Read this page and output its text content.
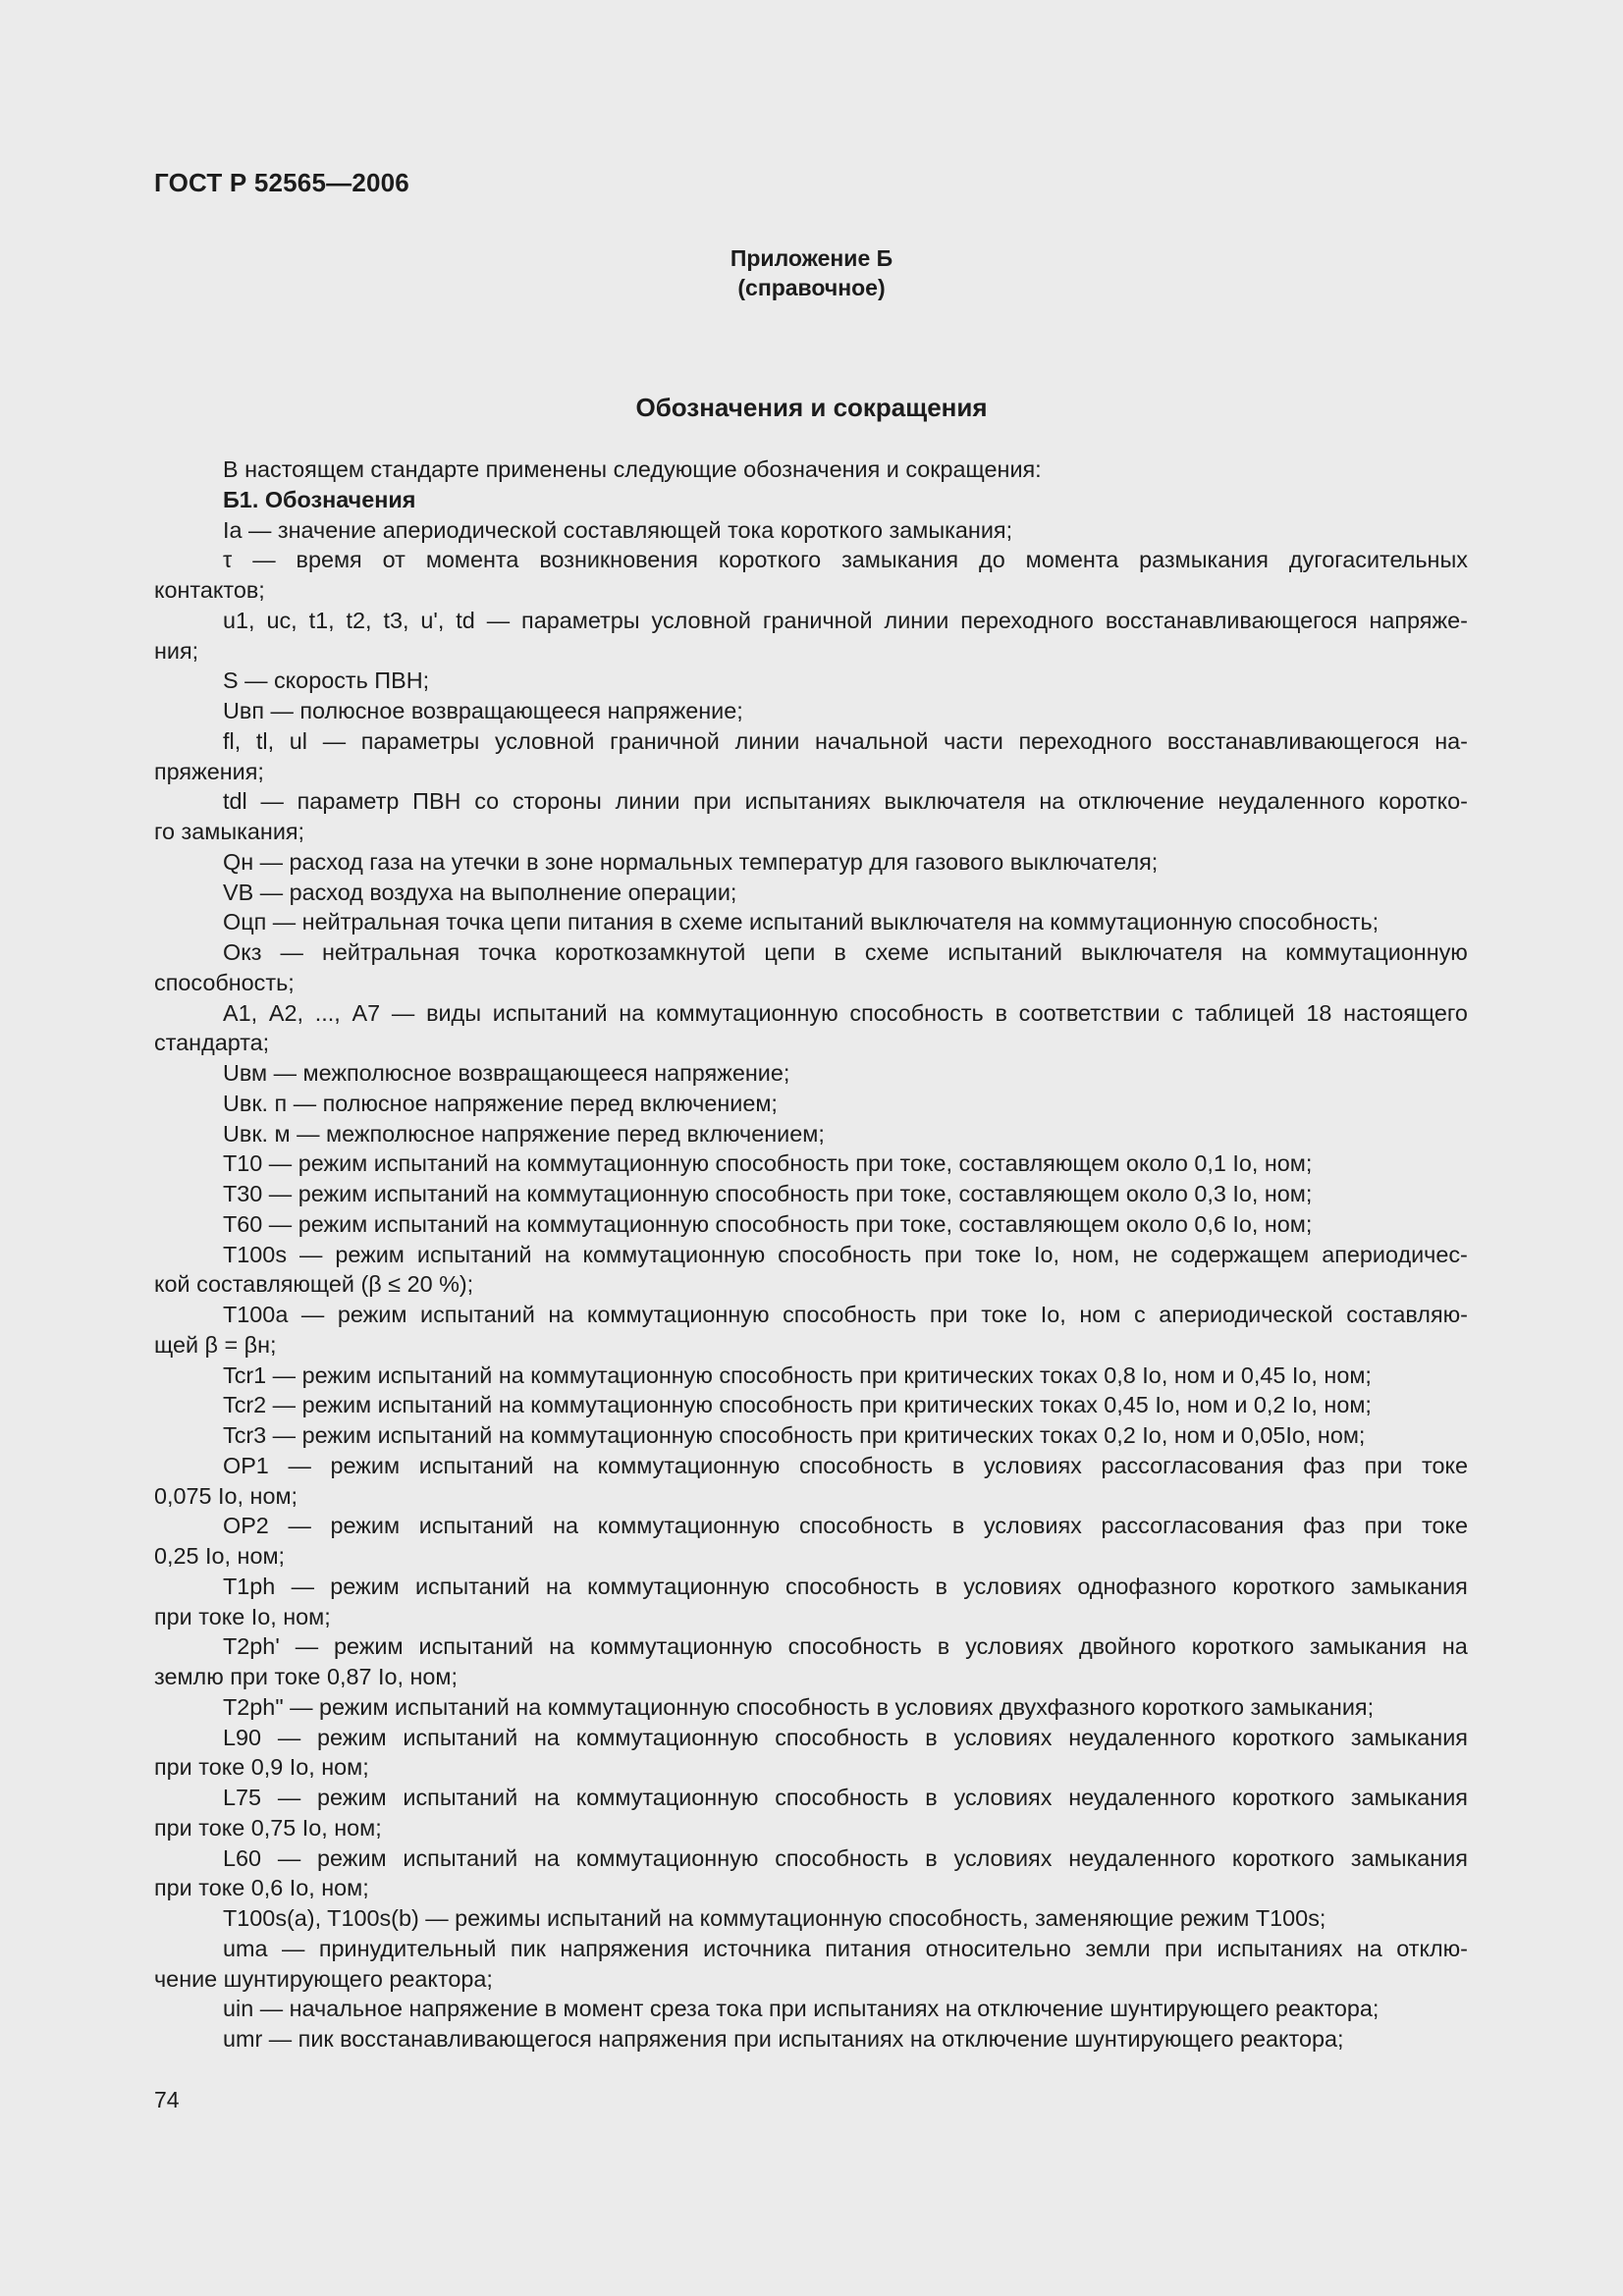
ГОСТ Р 52565—2006
Приложение Б
(справочное)
Обозначения и сокращения
В настоящем стандарте применены следующие обозначения и сокращения:
Б1. Обозначения
Iа — значение апериодической составляющей тока короткого замыкания;
τ — время от момента возникновения короткого замыкания до момента размыкания дугогасительных
контактов;
u1, uс, t1, t2, t3, u', td — параметры условной граничной линии переходного восстанавливающегося напряже-
ния;
S — скорость ПВН;
Uвп — полюсное возвращающееся напряжение;
fl, tl, ul — параметры условной граничной линии начальной части переходного восстанавливающегося на-
пряжения;
tdl — параметр ПВН со стороны линии при испытаниях выключателя на отключение неудаленного коротко-
го замыкания;
Qн — расход газа на утечки в зоне нормальных температур для газового выключателя;
VВ — расход воздуха на выполнение операции;
Oцп — нейтральная точка цепи питания в схеме испытаний выключателя на коммутационную способность;
Oкз — нейтральная точка короткозамкнутой цепи в схеме испытаний выключателя на коммутационную
способность;
A1, A2, ..., A7 — виды испытаний на коммутационную способность в соответствии с таблицей 18 настоящего
стандарта;
Uвм — межполюсное возвращающееся напряжение;
Uвк. п — полюсное напряжение перед включением;
Uвк. м — межполюсное напряжение перед включением;
T10 — режим испытаний на коммутационную способность при токе, составляющем около 0,1 Iо, ном;
T30 — режим испытаний на коммутационную способность при токе, составляющем около 0,3 Iо, ном;
T60 — режим испытаний на коммутационную способность при токе, составляющем около 0,6 Iо, ном;
T100s — режим испытаний на коммутационную способность при токе Iо, ном, не содержащем апериодичес-
кой составляющей (β ≤ 20 %);
T100a — режим испытаний на коммутационную способность при токе Iо, ном с апериодической составляю-
щей β = βн;
Tcr1 — режим испытаний на коммутационную способность при критических токах 0,8 Iо, ном и 0,45 Iо, ном;
Tcr2 — режим испытаний на коммутационную способность при критических токах 0,45 Iо, ном и 0,2 Iо, ном;
Tcr3 — режим испытаний на коммутационную способность при критических токах 0,2 Iо, ном и 0,05Iо, ном;
OP1 — режим испытаний на коммутационную способность в условиях рассогласования фаз при токе
0,075 Iо, ном;
OP2 — режим испытаний на коммутационную способность в условиях рассогласования фаз при токе
0,25 Iо, ном;
T1ph — режим испытаний на коммутационную способность в условиях однофазного короткого замыкания
при токе Iо, ном;
T2ph' — режим испытаний на коммутационную способность в условиях двойного короткого замыкания на
землю при токе 0,87 Iо, ном;
T2ph" — режим испытаний на коммутационную способность в условиях двухфазного короткого замыкания;
L90 — режим испытаний на коммутационную способность в условиях неудаленного короткого замыкания
при токе 0,9 Iо, ном;
L75 — режим испытаний на коммутационную способность в условиях неудаленного короткого замыкания
при токе 0,75 Iо, ном;
L60 — режим испытаний на коммутационную способность в условиях неудаленного короткого замыкания
при токе 0,6 Iо, ном;
T100s(a), T100s(b) — режимы испытаний на коммутационную способность, заменяющие режим T100s;
uma — принудительный пик напряжения источника питания относительно земли при испытаниях на отклю-
чение шунтирующего реактора;
uin — начальное напряжение в момент среза тока при испытаниях на отключение шунтирующего реактора;
umr — пик восстанавливающегося напряжения при испытаниях на отключение шунтирующего реактора;
74
